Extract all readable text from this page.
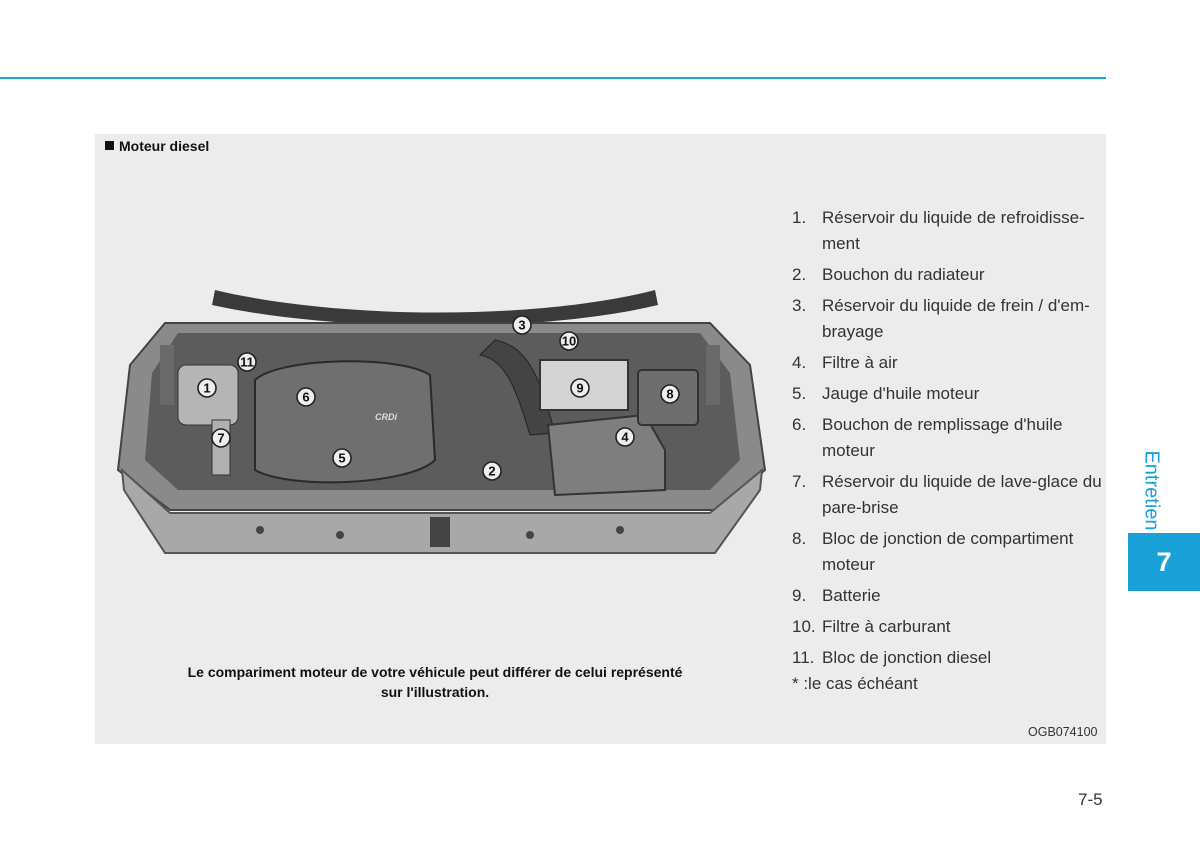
Moteur diesel
CRDi
1
2
3
4
5
6
7
8
9
10
11
Le compariment moteur de votre véhicule peut différer de celui représenté sur l'illustration.
1. Réservoir du liquide de refroidisse-ment
2. Bouchon du radiateur
3. Réservoir du liquide de frein / d'em-brayage
4. Filtre à air
5. Jauge d'huile moteur
6. Bouchon de remplissage d'huile moteur
7. Réservoir du liquide de lave-glace du pare-brise
8. Bloc de jonction de compartiment moteur
9. Batterie
10. Filtre à carburant
11. Bloc de jonction diesel
* :le cas échéant
OGB074100
Entretien
7
7-5
